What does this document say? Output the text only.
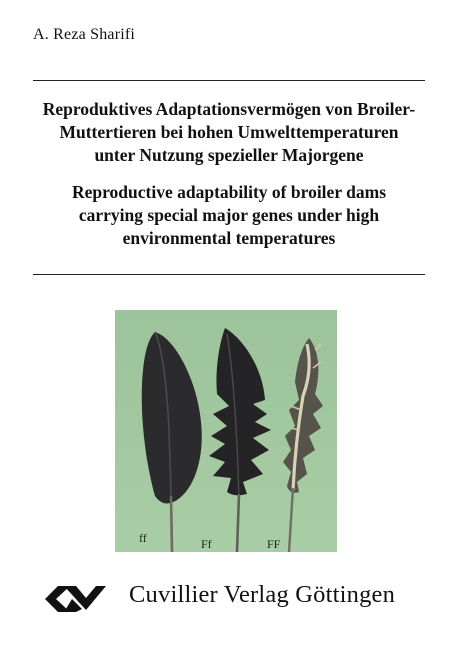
A. Reza Sharifi
Reproduktives Adaptationsvermögen von Broiler-
Muttertieren bei hohen Umwelttemperaturen
unter Nutzung spezieller Majorgene
Reproductive adaptability of broiler dams
carrying special major genes under high
environmental temperatures
ff	Ff	FF
Cuvillier Verlag Göttingen
